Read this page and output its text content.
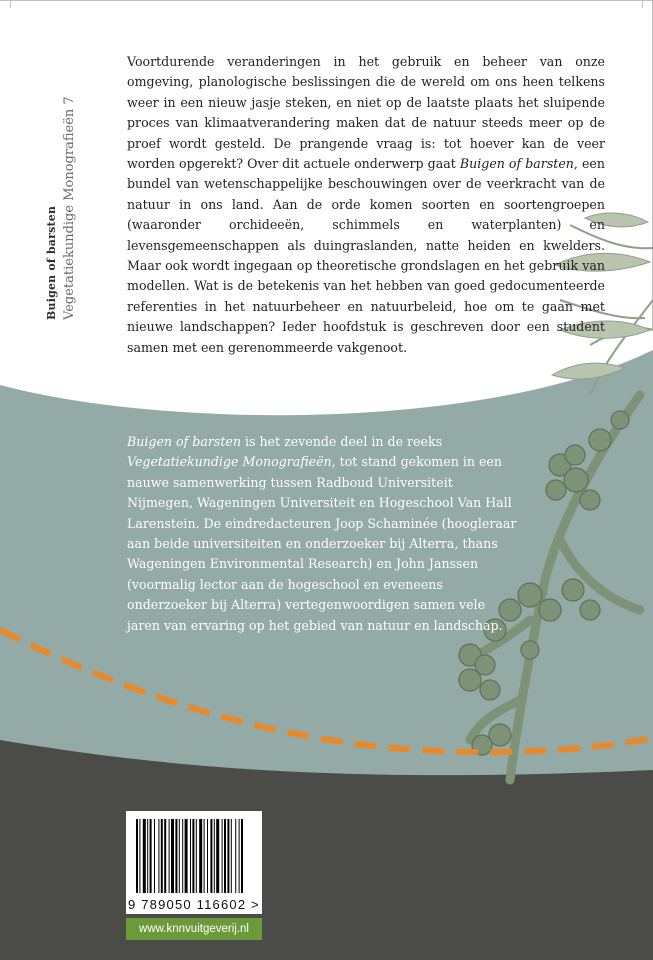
Buigen of barsten Vegetatiekundige Monografieën 7
Voortdurende veranderingen in het gebruik en beheer van onze omgeving, planologische beslissingen die de wereld om ons heen telkens weer in een nieuw jasje steken, en niet op de laatste plaats het sluipende proces van klimaatverandering maken dat de natuur steeds meer op de proef wordt gesteld. De prangende vraag is: tot hoever kan de veer worden opgerekt? Over dit actuele onderwerp gaat Buigen of barsten, een bundel van wetenschappelijke beschouwingen over de veerkracht van de natuur in ons land. Aan de orde komen soorten en soortengroepen (waaronder orchideeën, schimmels en waterplanten) en levensgemeenschappen als duingraslanden, natte heiden en kwelders. Maar ook wordt ingegaan op theoretische grondslagen en het gebruik van modellen. Wat is de betekenis van het hebben van goed gedocumenteerde referenties in het natuurbeheer en natuurbeleid, hoe om te gaan met nieuwe landschappen? Ieder hoofdstuk is geschreven door een student samen met een gerenommeerde vakgenoot.
Buigen of barsten is het zevende deel in de reeks Vegetatiekundige Monografieën, tot stand gekomen in een nauwe samenwerking tussen Radboud Universiteit Nijmegen, Wageningen Universiteit en Hogeschool Van Hall Larenstein. De eindredacteuren Joop Schaminée (hoogleraar aan beide universiteiten en onderzoeker bij Alterra, thans Wageningen Environmental Research) en John Janssen (voormalig lector aan de hogeschool en eveneens onderzoeker bij Alterra) vertegenwoordigen samen vele jaren van ervaring op het gebied van natuur en landschap.
9 789050 116602 >
www.knnvuitgeverij.nl
